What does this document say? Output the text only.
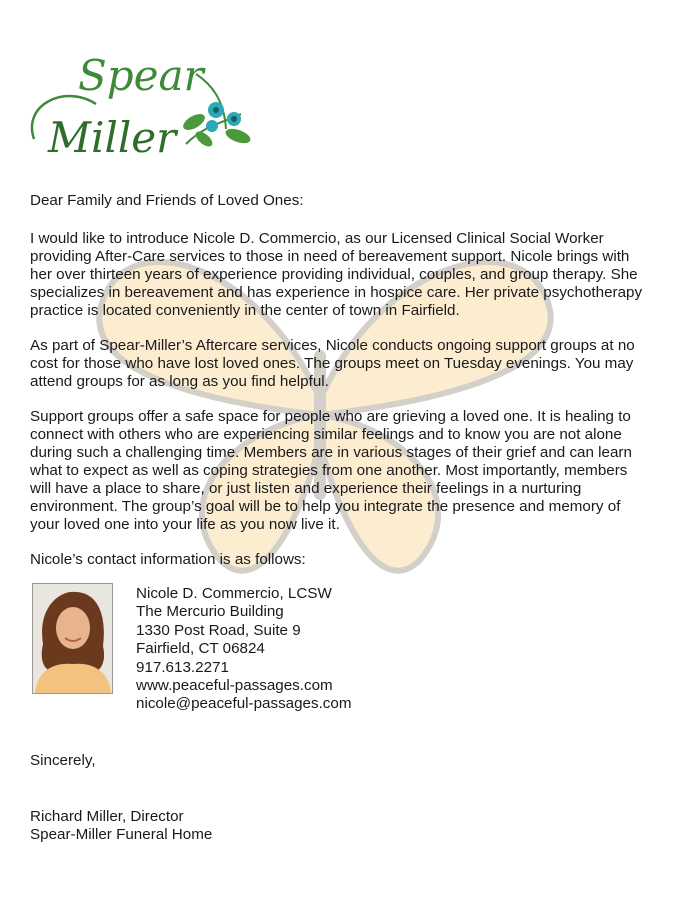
Spear
Miller

Dear Family and Friends of Loved Ones:

I would like to introduce Nicole D. Commercio, as our Licensed Clinical Social Worker providing After-Care services to those in need of bereavement support. Nicole brings with her over thirteen years of experience providing individual, couples, and group therapy. She specializes in bereavement and has experience in hospice care. Her private psychotherapy practice is located conveniently in the center of town in Fairfield.

As part of Spear-Miller’s Aftercare services, Nicole conducts ongoing support groups at no cost for those who have lost loved ones. The groups meet on Tuesday evenings. You may attend groups for as long as you find helpful.

Support groups offer a safe space for people who are grieving a loved one. It is healing to connect with others who are experiencing similar feelings and to know you are not alone during such a challenging time. Members are in various stages of their grief and can learn what to expect as well as coping strategies from one another. Most importantly, members will have a place to share, or just listen and experience their feelings in a nurturing environment. The group’s goal will be to help you integrate the presence and memory of your loved one into your life as you now live it.

Nicole’s contact information is as follows:

Nicole D. Commercio, LCSW
The Mercurio Building
1330 Post Road, Suite 9
Fairfield, CT 06824
917.613.2271
www.peaceful-passages.com
nicole@peaceful-passages.com
Sincerely,
Richard Miller, Director
Spear-Miller Funeral Home
